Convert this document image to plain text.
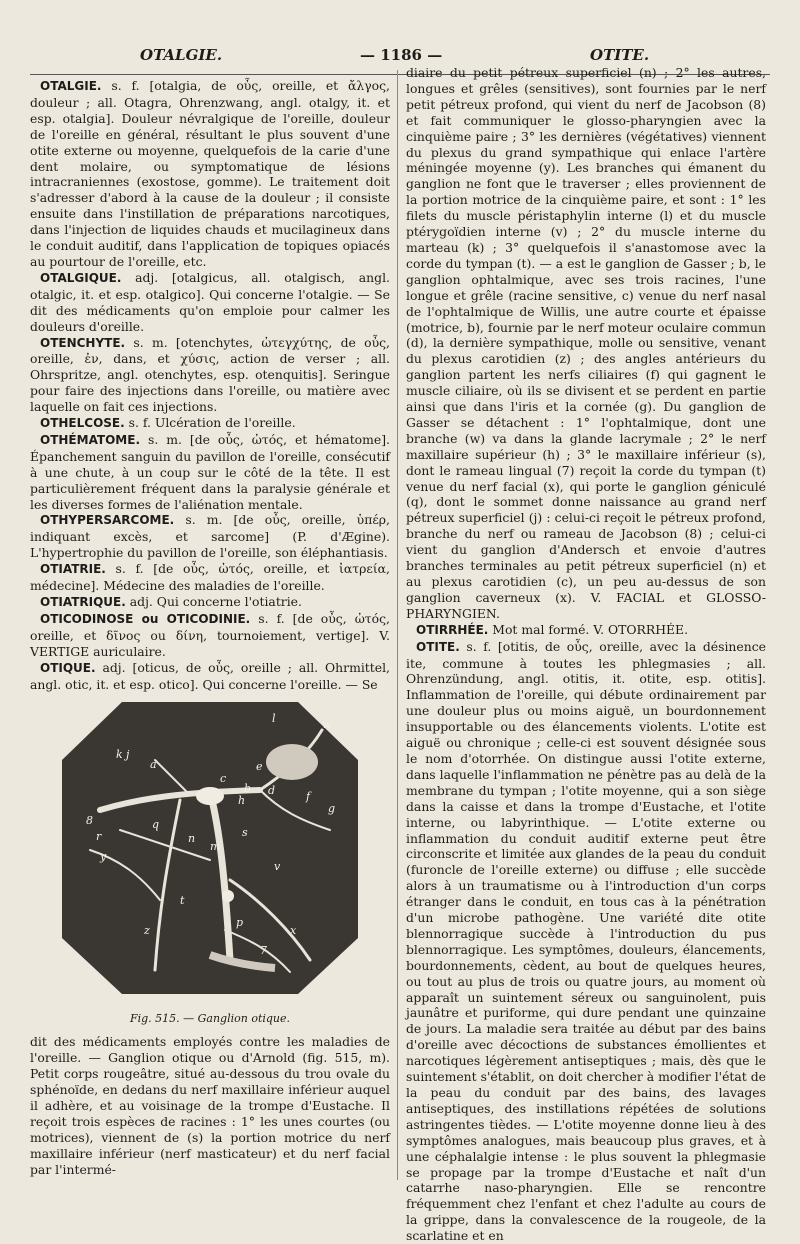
OTALGIE.	— 1186 —	OTITE.

OTALGIE. s. f. [otalgia, de οὖς, oreille, et ἄλγος, douleur ; all. Otagra, Ohrenzwang, angl. otalgy, it. et esp. otalgia]. Douleur névralgique de l'oreille, douleur de l'oreille en général, résultant le plus souvent d'une otite externe ou moyenne, quelquefois de la carie d'une dent molaire, ou symptomatique de lésions intracraniennes (exostose, gomme). Le traitement doit s'adresser d'abord à la cause de la douleur ; il consiste ensuite dans l'instillation de préparations narcotiques, dans l'injection de liquides chauds et mucilagineux dans le conduit auditif, dans l'application de topiques opiacés au pourtour de l'oreille, etc.

OTALGIQUE. adj. [otalgicus, all. otalgisch, angl. otalgic, it. et esp. otalgico]. Qui concerne l'otalgie. — Se dit des médicaments qu'on emploie pour calmer les douleurs d'oreille.

OTENCHYTE. s. m. [otenchytes, ὠτεγχύτης, de οὖς, oreille, ἐν, dans, et χύσις, action de verser ; all. Ohrspritze, angl. otenchytes, esp. otenquitis]. Seringue pour faire des injections dans l'oreille, ou matière avec laquelle on fait ces injections.

OTHELCOSE. s. f. Ulcération de l'oreille.

OTHÉMATOME. s. m. [de οὖς, ὠτός, et hématome]. Épanchement sanguin du pavillon de l'oreille, consécutif à une chute, à un coup sur le côté de la tête. Il est particulièrement fréquent dans la paralysie générale et les diverses formes de l'aliénation mentale.

OTHYPERSARCOME. s. m. [de οὖς, oreille, ὑπέρ, indiquant excès, et sarcome] (P. d'Ægine). L'hypertrophie du pavillon de l'oreille, son éléphantiasis.

OTIATRIE. s. f. [de οὖς, ὠτός, oreille, et ἰατρεία, médecine]. Médecine des maladies de l'oreille.

OTIATRIQUE. adj. Qui concerne l'otiatrie.

OTICODINOSE ou OTICODINIE. s. f. [de οὖς, ὠτός, oreille, et δῖνος ou δίνη, tournoiement, vertige]. V. VERTIGE auriculaire.

OTIQUE. adj. [oticus, de οὖς, oreille ; all. Ohrmittel, angl. otic, it. et esp. otico]. Qui concerne l'oreille. — Se

l
k j
a
w
e
f
g
h
c
b d
m
n	s
q
t
v
y
p
x
8
r
7
z
Fig. 515. — Ganglion otique.

dit des médicaments employés contre les maladies de l'oreille. — Ganglion otique ou d'Arnold (fig. 515, m). Petit corps rougeâtre, situé au-dessous du trou ovale du sphénoïde, en dedans du nerf maxillaire inférieur auquel il adhère, et au voisinage de la trompe d'Eustache. Il reçoit trois espèces de racines : 1° les unes courtes (ou motrices), viennent de (s) la portion motrice du nerf maxillaire inférieur (nerf masticateur) et du nerf facial par l'intermé-

diaire du petit pétreux superficiel (n) ; 2° les autres, longues et grêles (sensitives), sont fournies par le nerf petit pétreux profond, qui vient du nerf de Jacobson (8) et fait communiquer le glosso-pharyngien avec la cinquième paire ; 3° les dernières (végétatives) viennent du plexus du grand sympathique qui enlace l'artère méningée moyenne (y). Les branches qui émanent du ganglion ne font que le traverser ; elles proviennent de la portion motrice de la cinquième paire, et sont : 1° les filets du muscle péristaphylin interne (l) et du muscle ptérygoïdien interne (v) ; 2° du muscle interne du marteau (k) ; 3° quelquefois il s'anastomose avec la corde du tympan (t). — a est le ganglion de Gasser ; b, le ganglion ophtalmique, avec ses trois racines, l'une longue et grêle (racine sensitive, c) venue du nerf nasal de l'ophtalmique de Willis, une autre courte et épaisse (motrice, b), fournie par le nerf moteur oculaire commun (d), la dernière sympathique, molle ou sensitive, venant du plexus carotidien (z) ; des angles antérieurs du ganglion partent les nerfs ciliaires (f) qui gagnent le muscle ciliaire, où ils se divisent et se perdent en partie ainsi que dans l'iris et la cornée (g). Du ganglion de Gasser se détachent : 1° l'ophtalmique, dont une branche (w) va dans la glande lacrymale ; 2° le nerf maxillaire supérieur (h) ; 3° le maxillaire inférieur (s), dont le rameau lingual (7) reçoit la corde du tympan (t) venue du nerf facial (x), qui porte le ganglion géniculé (q), dont le sommet donne naissance au grand nerf pétreux superficiel (j) : celui-ci reçoit le pétreux profond, branche du nerf ou rameau de Jacobson (8) ; celui-ci vient du ganglion d'Andersch et envoie d'autres branches terminales au petit pétreux superficiel (n) et au plexus carotidien (c), un peu au-dessus de son ganglion caverneux (x). V. FACIAL et GLOSSO-PHARYNGIEN.

OTIRRHÉE. Mot mal formé. V. OTORRHÉE.

OTITE. s. f. [otitis, de οὖς, oreille, avec la désinence ite, commune à toutes les phlegmasies ; all. Ohrenzündung, angl. otitis, it. otite, esp. otitis]. Inflammation de l'oreille, qui débute ordinairement par une douleur plus ou moins aiguë, un bourdonnement insupportable ou des élancements violents. L'otite est aiguë ou chronique ; celle-ci est souvent désignée sous le nom d'otorrhée. On distingue aussi l'otite externe, dans laquelle l'inflammation ne pénètre pas au delà de la membrane du tympan ; l'otite moyenne, qui a son siège dans la caisse et dans la trompe d'Eustache, et l'otite interne, ou labyrinthique. — L'otite externe ou inflammation du conduit auditif externe peut être circonscrite et limitée aux glandes de la peau du conduit (furoncle de l'oreille externe) ou diffuse ; elle succède alors à un traumatisme ou à l'introduction d'un corps étranger dans le conduit, en tous cas à la pénétration d'un microbe pathogène. Une variété dite otite blennorragique succède à l'introduction du pus blennorragique. Les symptômes, douleurs, élancements, bourdonnements, cèdent, au bout de quelques heures, ou tout au plus de trois ou quatre jours, au moment où apparaît un suintement séreux ou sanguinolent, puis jaunâtre et puriforme, qui dure pendant une quinzaine de jours. La maladie sera traitée au début par des bains d'oreille avec décoctions de substances émollientes et narcotiques légèrement antiseptiques ; mais, dès que le suintement s'établit, on doit chercher à modifier l'état de la peau du conduit par des bains, des lavages antiseptiques, des instillations répétées de solutions astringentes tièdes. — L'otite moyenne donne lieu à des symptômes analogues, mais beaucoup plus graves, et à une céphalalgie intense : le plus souvent la phlegmasie se propage par la trompe d'Eustache et naît d'un catarrhe naso-pharyngien. Elle se rencontre fréquemment chez l'enfant et chez l'adulte au cours de la grippe, dans la convalescence de la rougeole, de la scarlatine et en
